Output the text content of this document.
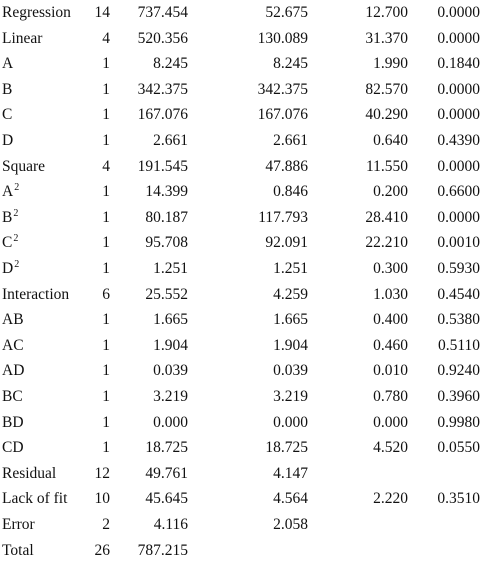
Regression	14	737.454	52.675	12.700	0.0000
Linear	4	520.356	130.089	31.370	0.0000
A	1	8.245	8.245	1.990	0.1840
B	1	342.375	342.375	82.570	0.0000
C	1	167.076	167.076	40.290	0.0000
D	1	2.661	2.661	0.640	0.4390
Square	4	191.545	47.886	11.550	0.0000
$A^2$	1	14.399	0.846	0.200	0.6600
$B^2$	1	80.187	117.793	28.410	0.0000
$C^2$	1	95.708	92.091	22.210	0.0010
$D^2$	1	1.251	1.251	0.300	0.5930
Interaction	6	25.552	4.259	1.030	0.4540
AB	1	1.665	1.665	0.400	0.5380
AC	1	1.904	1.904	0.460	0.5110
AD	1	0.039	0.039	0.010	0.9240
BC	1	3.219	3.219	0.780	0.3960
BD	1	0.000	0.000	0.000	0.9980
CD	1	18.725	18.725	4.520	0.0550
Residual	12	49.761	4.147
Lack of fit	10	45.645	4.564	2.220	0.3510
Error	2	4.116	2.058
Total	26	787.215
